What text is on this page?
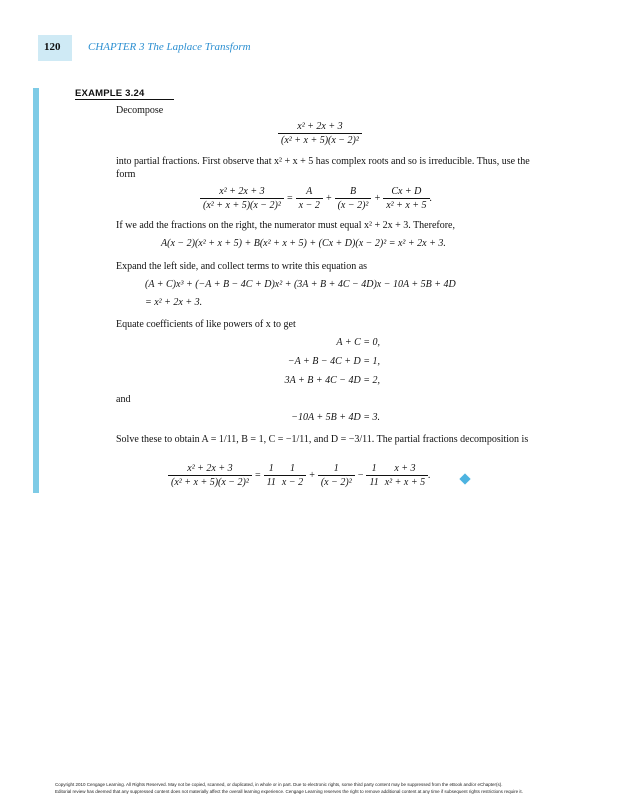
120	CHAPTER 3 The Laplace Transform
EXAMPLE 3.24
Decompose
$\frac{\text{x² + 2x + 3}}{\text{(x² + x + 5)(x − 2)²}}$
into partial fractions. First observe that x² + x + 5 has complex roots and so is irreducible. Thus, use the form
$\frac{\text{x² + 2x + 3}}{\text{(x² + x + 5)(x − 2)²}} = \frac{A}{x - 2} + \frac{B}{\text{(x − 2)²}} + \frac{Cx + D}{\text{x² + x + 5}}$ .
If we add the fractions on the right, the numerator must equal x² + 2x + 3. Therefore,
A(x − 2)(x² + x + 5) + B(x² + x + 5) + (Cx + D)(x − 2)² = x² + 2x + 3.
Expand the left side, and collect terms to write this equation as
(A + C)x³ + (−A + B − 4C + D)x² + (3A + B + 4C − 4D)x − 10A + 5B + 4D
= x² + 2x + 3.
Equate coefficients of like powers of x to get
A + C = 0,
−A + B − 4C + D = 1,
3A + B + 4C − 4D = 2,
and
−10A + 5B + 4D = 3.
Solve these to obtain A = 1/11, B = 1, C = −1/11, and D = −3/11. The partial fractions decomposition is
$\frac{\text{x² + 2x + 3}}{\text{(x² + x + 5)(x − 2)²}} = \frac{1}{11} \frac{1}{x - 2} + \frac{1}{\text{(x − 2)²}} - \frac{1}{11} \frac{x + 3}{\text{x² + x + 5}}$ .
Copyright 2010 Cengage Learning. All Rights Reserved. May not be copied, scanned, or duplicated, in whole or in part. Due to electronic rights, some third party content may be suppressed from the eBook and/or eChapter(s).
Editorial review has deemed that any suppressed content does not materially affect the overall learning experience. Cengage Learning reserves the right to remove additional content at any time if subsequent rights restrictions require it.
